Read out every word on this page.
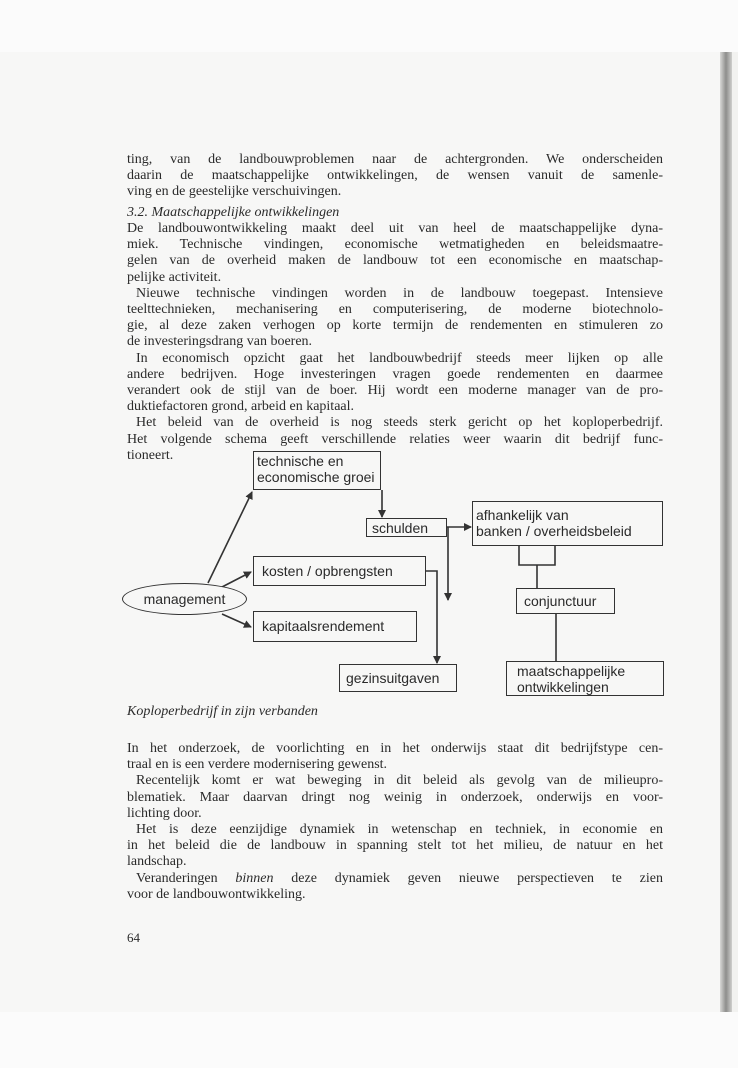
ting, van de landbouwproblemen naar de achtergronden. We onderscheiden
daarin de maatschappelijke ontwikkelingen, de wensen vanuit de samenle-
ving en de geestelijke verschuivingen.
3.2. Maatschappelijke ontwikkelingen
De landbouwontwikkeling maakt deel uit van heel de maatschappelijke dyna-
miek. Technische vindingen, economische wetmatigheden en beleidsmaatre-
gelen van de overheid maken de landbouw tot een economische en maatschap-
pelijke activiteit.
Nieuwe technische vindingen worden in de landbouw toegepast. Intensieve
teelttechnieken, mechanisering en computerisering, de moderne biotechnolo-
gie, al deze zaken verhogen op korte termijn de rendementen en stimuleren zo
de investeringsdrang van boeren.
In economisch opzicht gaat het landbouwbedrijf steeds meer lijken op alle
andere bedrijven. Hoge investeringen vragen goede rendementen en daarmee
verandert ook de stijl van de boer. Hij wordt een moderne manager van de pro-
duktiefactoren grond, arbeid en kapitaal.
Het beleid van de overheid is nog steeds sterk gericht op het koploperbedrijf.
Het volgende schema geeft verschillende relaties weer waarin dit bedrijf func-
tioneert.	technische en
economische groei
schulden
afhankelijk van
banken / overheidsbeleid
kosten / opbrengsten
management
kapitaalsrendement
gezinsuitgaven
conjunctuur
maatschappelijke
ontwikkelingen
Koploperbedrijf in zijn verbanden
In het onderzoek, de voorlichting en in het onderwijs staat dit bedrijfstype cen-
traal en is een verdere modernisering gewenst.
Recentelijk komt er wat beweging in dit beleid als gevolg van de milieupro-
blematiek. Maar daarvan dringt nog weinig in onderzoek, onderwijs en voor-
lichting door.
Het is deze eenzijdige dynamiek in wetenschap en techniek, in economie en
in het beleid die de landbouw in spanning stelt tot het milieu, de natuur en het
landschap.
Veranderingen binnen deze dynamiek geven nieuwe perspectieven te zien
voor de landbouwontwikkeling.
64
